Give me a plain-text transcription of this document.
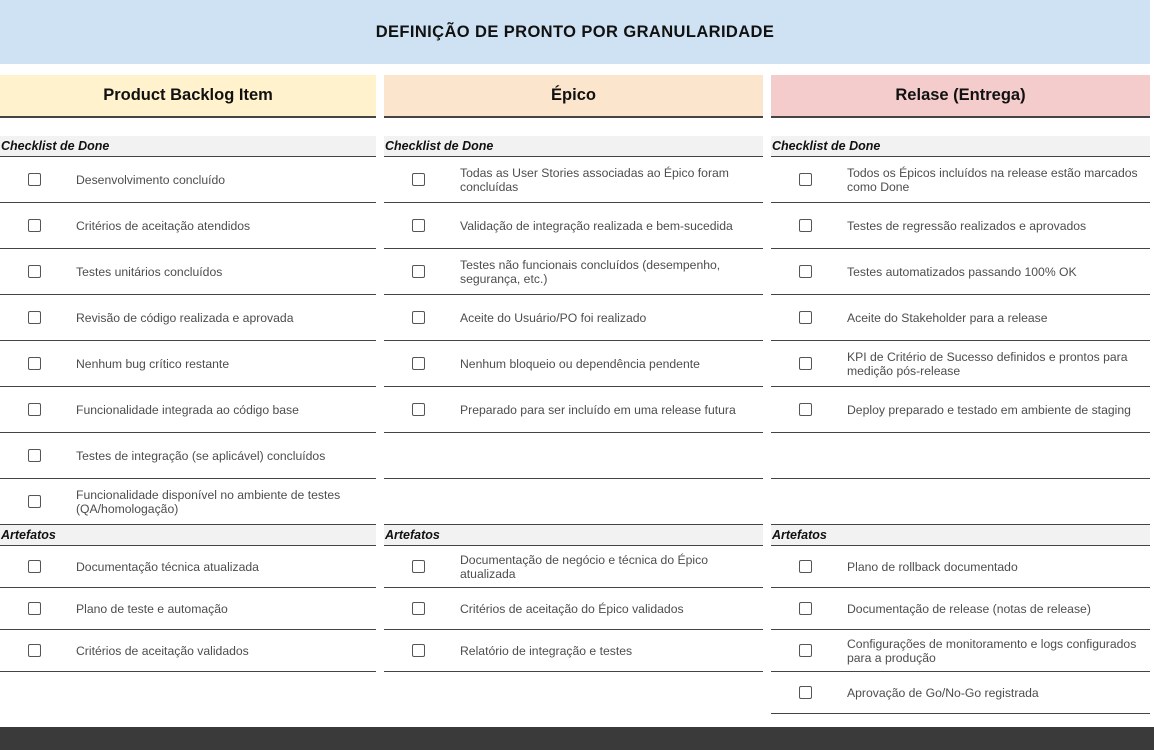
DEFINIÇÃO DE PRONTO POR GRANULARIDADE
Product Backlog Item
Checklist de Done
Desenvolvimento concluído
Critérios de aceitação atendidos
Testes unitários concluídos
Revisão de código realizada e aprovada
Nenhum bug crítico restante
Funcionalidade integrada ao código base
Testes de integração (se aplicável) concluídos
Funcionalidade disponível no ambiente de testes (QA/homologação)
Artefatos
Documentação técnica atualizada
Plano de teste e automação
Critérios de aceitação validados
Épico
Checklist de Done
Todas as User Stories associadas ao Épico foram concluídas
Validação de integração realizada e bem-sucedida
Testes não funcionais concluídos (desempenho, segurança, etc.)
Aceite do Usuário/PO foi realizado
Nenhum bloqueio ou dependência pendente
Preparado para ser incluído em uma release futura
Artefatos
Documentação de negócio e técnica do Épico atualizada
Critérios de aceitação do Épico validados
Relatório de integração e testes
Relase (Entrega)
Checklist de Done
Todos os Épicos incluídos na release estão marcados como Done
Testes de regressão realizados e aprovados
Testes automatizados passando 100% OK
Aceite do Stakeholder para a release
KPI de Critério de Sucesso definidos e prontos para medição pós-release
Deploy preparado e testado em ambiente de staging
Artefatos
Plano de rollback documentado
Documentação de release (notas de release)
Configurações de monitoramento e logs configurados para a produção
Aprovação de Go/No-Go registrada
